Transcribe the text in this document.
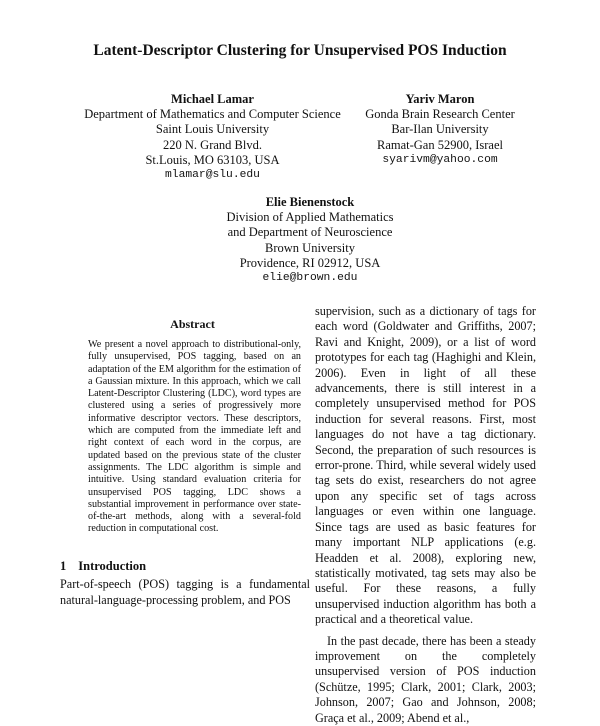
Latent-Descriptor Clustering for Unsupervised POS Induction
Michael Lamar
Department of Mathematics and Computer Science
Saint Louis University
220 N. Grand Blvd.
St.Louis, MO 63103, USA
mlamar@slu.edu
Yariv Maron
Gonda Brain Research Center
Bar-Ilan University
Ramat-Gan 52900, Israel
syarivm@yahoo.com
Elie Bienenstock
Division of Applied Mathematics
and Department of Neuroscience
Brown University
Providence, RI 02912, USA
elie@brown.edu
Abstract

We present a novel approach to distributional-only, fully unsupervised, POS tagging, based on an adaptation of the EM algorithm for the estimation of a Gaussian mixture. In this approach, which we call Latent-Descriptor Clustering (LDC), word types are clustered using a series of progressively more informative descriptor vectors. These descriptors, which are computed from the immediate left and right context of each word in the corpus, are updated based on the previous state of the cluster assignments. The LDC algorithm is simple and intuitive. Using standard evaluation criteria for unsupervised POS tagging, LDC shows a substantial improvement in performance over state-of-the-art methods, along with a several-fold reduction in computational cost.

1 Introduction

Part-of-speech (POS) tagging is a fundamental natural-language-processing problem, and POS

supervision, such as a dictionary of tags for each word (Goldwater and Griffiths, 2007; Ravi and Knight, 2009), or a list of word prototypes for each tag (Haghighi and Klein, 2006). Even in light of all these advancements, there is still interest in a completely unsupervised method for POS induction for several reasons. First, most languages do not have a tag dictionary. Second, the preparation of such resources is error-prone. Third, while several widely used tag sets do exist, researchers do not agree upon any specific set of tags across languages or even within one language. Since tags are used as basic features for many important NLP applications (e.g. Headden et al. 2008), exploring new, statistically motivated, tag sets may also be useful. For these reasons, a fully unsupervised induction algorithm has both a practical and a theoretical value.

In the past decade, there has been a steady improvement on the completely unsupervised version of POS induction (Schütze, 1995; Clark, 2001; Clark, 2003; Johnson, 2007; Gao and Johnson, 2008; Graça et al., 2009; Abend et al.,
